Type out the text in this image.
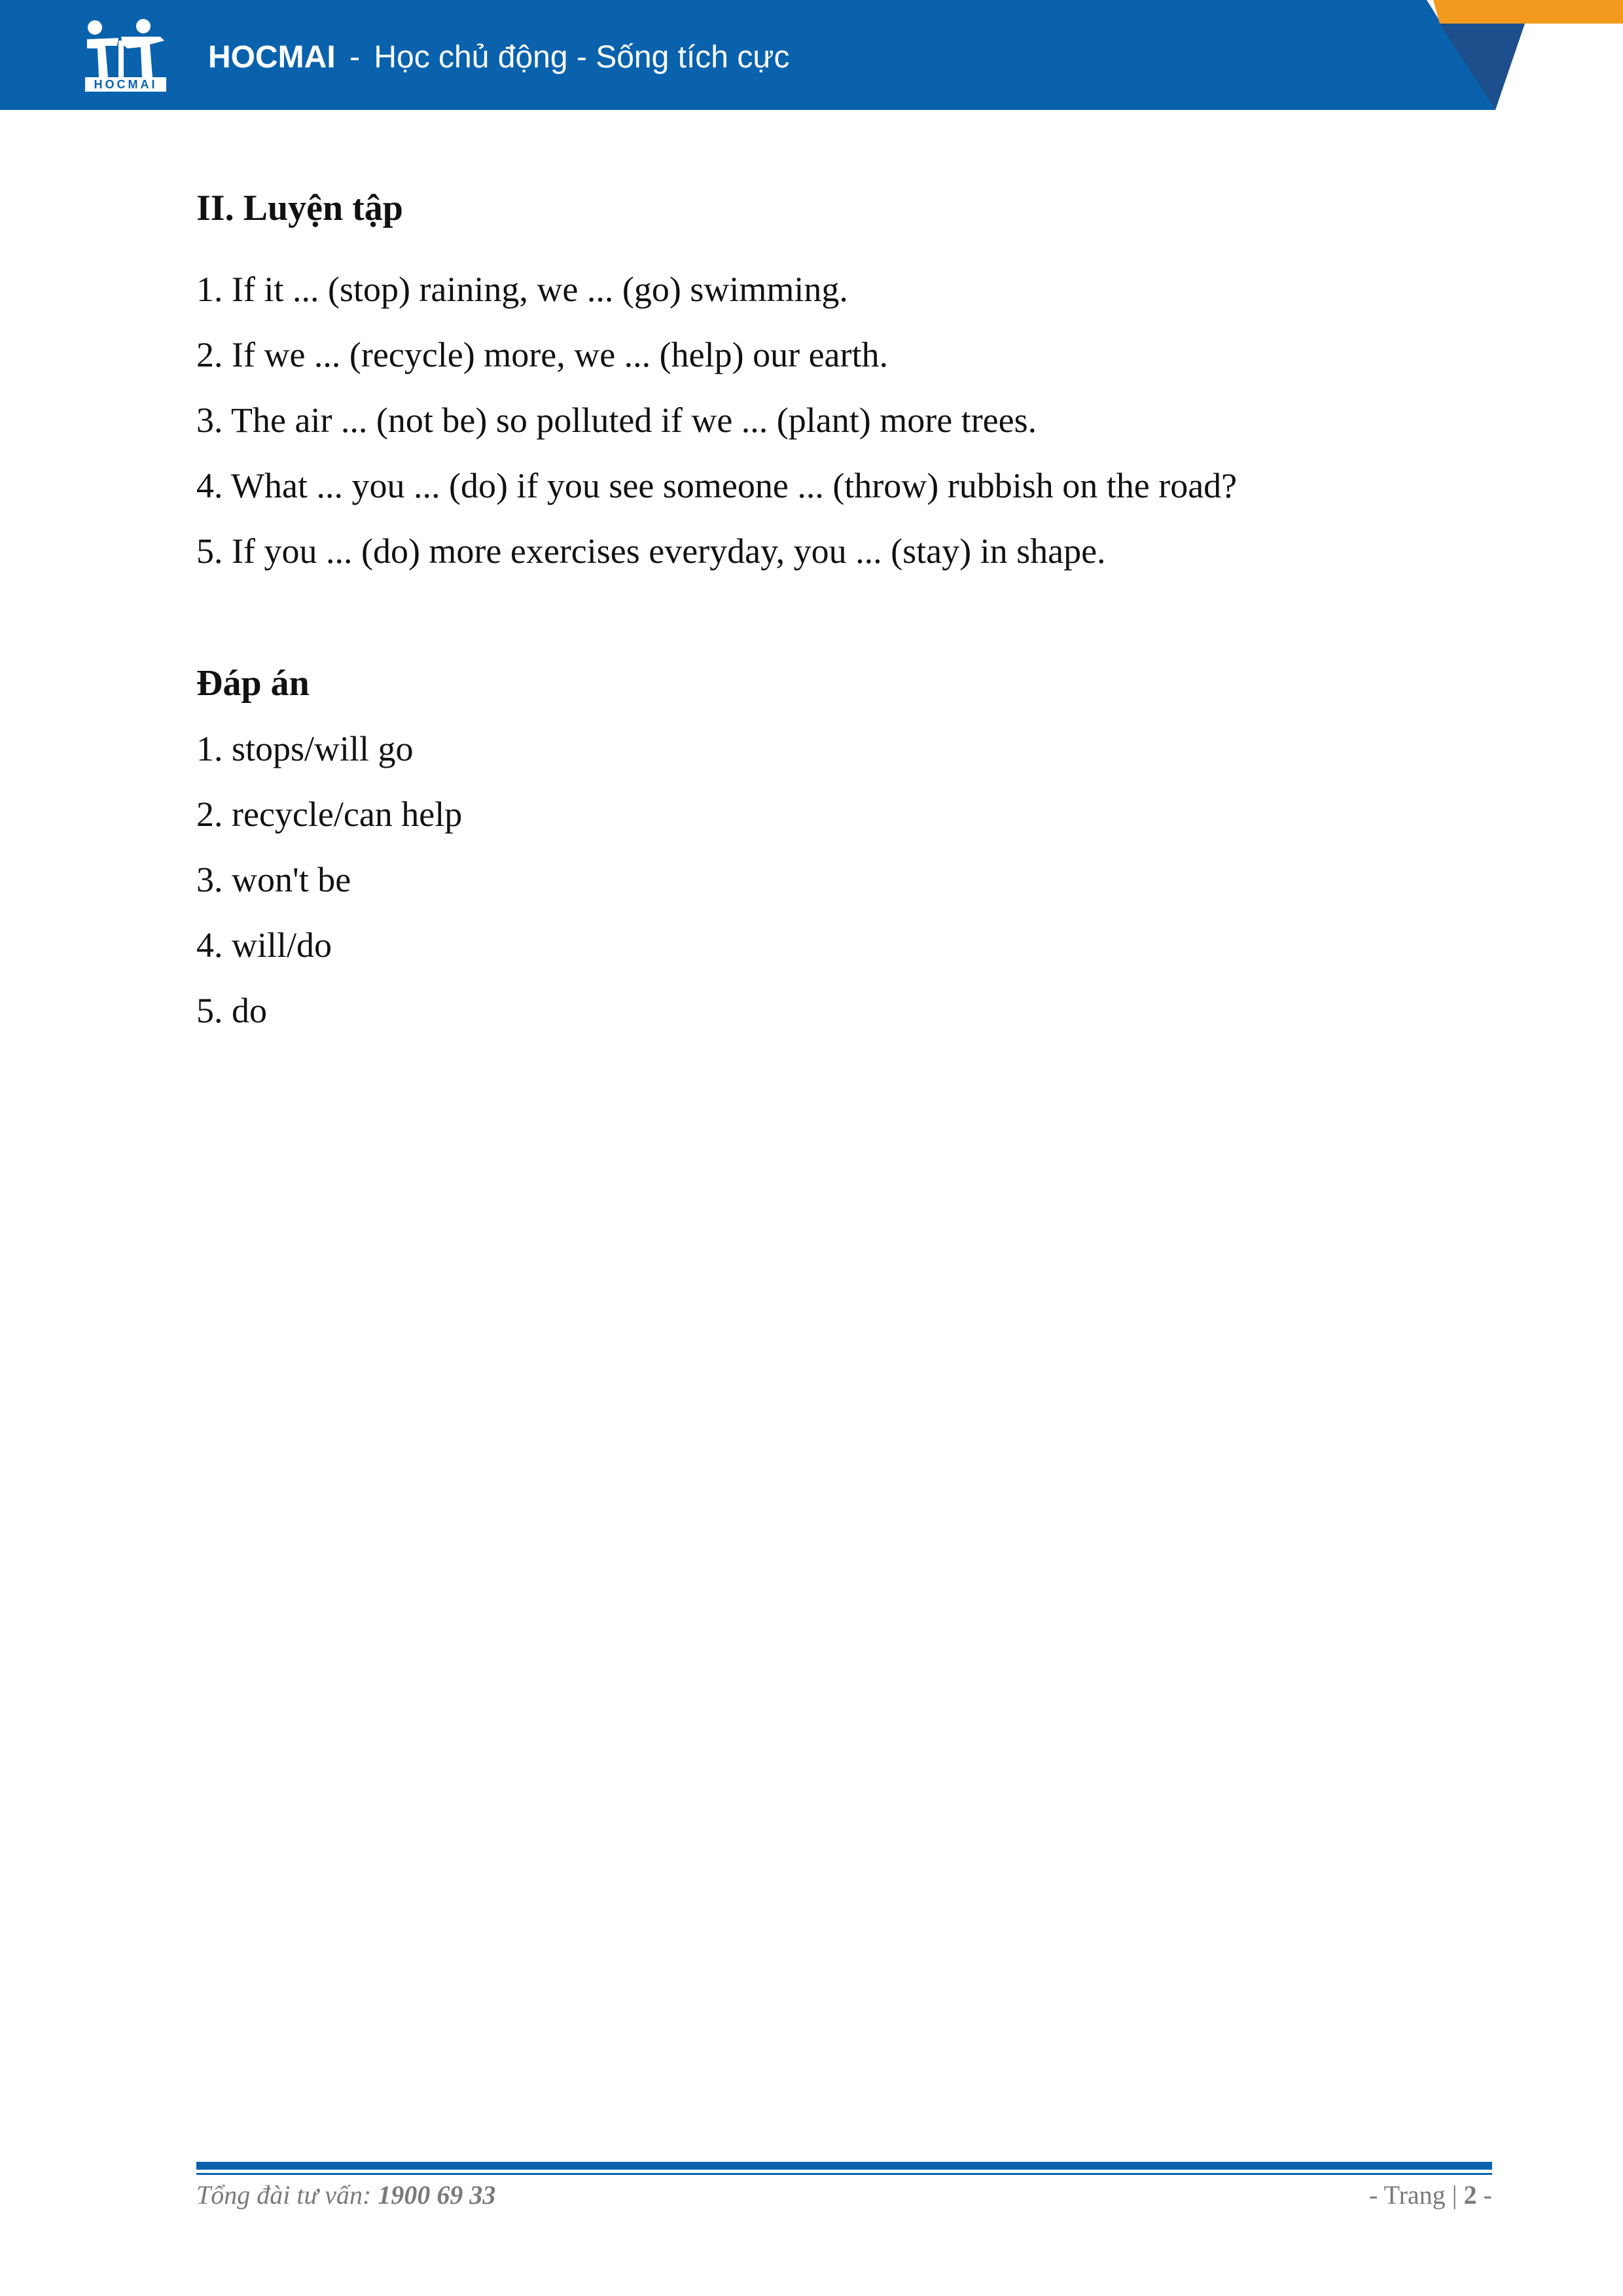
HOCMAI
HOCMAI - Học chủ động - Sống tích cực
II. Luyện tập
1. If it ... (stop) raining, we ... (go) swimming.
2. If we ... (recycle) more, we ... (help) our earth.
3. The air ... (not be) so polluted if we ... (plant) more trees.
4. What ... you ... (do) if you see someone ... (throw) rubbish on the road?
5. If you ... (do) more exercises everyday, you ... (stay) in shape.
Đáp án
1. stops/will go
2. recycle/can help
3. won't be
4. will/do
5. do
Tổng đài tư vấn: 1900 69 33	- Trang | 2 -
